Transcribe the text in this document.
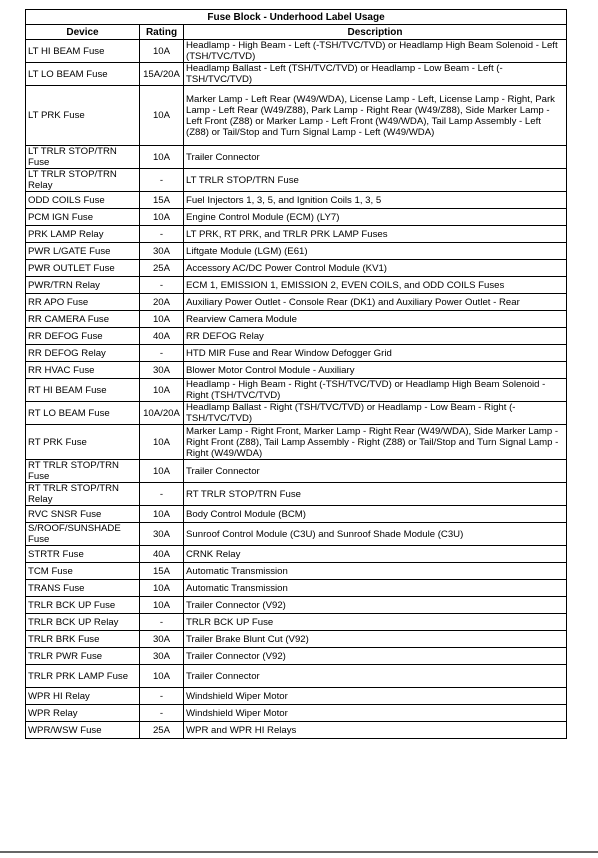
Fuse Block - Underhood Label Usage		
Device	Rating	Description
LT HI BEAM Fuse	10A	Headlamp - High Beam - Left (-TSH/TVC/TVD) or Headlamp High Beam Solenoid - Left (TSH/TVC/TVD)
LT LO BEAM Fuse	15A/20A	Headlamp Ballast - Left (TSH/TVC/TVD) or Headlamp - Low Beam - Left (-TSH/TVC/TVD)
LT PRK Fuse	10A	Marker Lamp - Left Rear (W49/WDA), License Lamp - Left, License Lamp - Right, Park Lamp - Left Rear (W49/Z88), Park Lamp - Right Rear (W49/Z88), Side Marker Lamp - Left Front (Z88) or Marker Lamp - Left Front (W49/WDA), Tail Lamp Assembly - Left (Z88) or Tail/Stop and Turn Signal Lamp - Left (W49/WDA)
LT TRLR STOP/TRN Fuse	10A	Trailer Connector
LT TRLR STOP/TRN Relay	-	LT TRLR STOP/TRN Fuse
ODD COILS Fuse	15A	Fuel Injectors 1, 3, 5, and Ignition Coils 1, 3, 5
PCM IGN Fuse	10A	Engine Control Module (ECM) (LY7)
PRK LAMP Relay	-	LT PRK, RT PRK, and TRLR PRK LAMP Fuses
PWR L/GATE Fuse	30A	Liftgate Module (LGM) (E61)
PWR OUTLET Fuse	25A	Accessory AC/DC Power Control Module (KV1)
PWR/TRN Relay	-	ECM 1, EMISSION 1, EMISSION 2, EVEN COILS, and ODD COILS Fuses
RR APO Fuse	20A	Auxiliary Power Outlet - Console Rear (DK1) and Auxiliary Power Outlet - Rear
RR CAMERA Fuse	10A	Rearview Camera Module
RR DEFOG Fuse	40A	RR DEFOG Relay
RR DEFOG Relay	-	HTD MIR Fuse and Rear Window Defogger Grid
RR HVAC Fuse	30A	Blower Motor Control Module - Auxiliary
RT HI BEAM Fuse	10A	Headlamp - High Beam - Right (-TSH/TVC/TVD) or Headlamp High Beam Solenoid - Right (TSH/TVC/TVD)
RT LO BEAM Fuse	10A/20A	Headlamp Ballast - Right (TSH/TVC/TVD) or Headlamp - Low Beam - Right (-TSH/TVC/TVD)
RT PRK Fuse	10A	Marker Lamp - Right Front, Marker Lamp - Right Rear (W49/WDA), Side Marker Lamp - Right Front (Z88), Tail Lamp Assembly - Right (Z88) or Tail/Stop and Turn Signal Lamp - Right (W49/WDA)
RT TRLR STOP/TRN Fuse	10A	Trailer Connector
RT TRLR STOP/TRN Relay	-	RT TRLR STOP/TRN Fuse
RVC SNSR Fuse	10A	Body Control Module (BCM)
S/ROOF/SUNSHADE Fuse	30A	Sunroof Control Module (C3U) and Sunroof Shade Module (C3U)
STRTR Fuse	40A	CRNK Relay
TCM Fuse	15A	Automatic Transmission
TRANS Fuse	10A	Automatic Transmission
TRLR BCK UP Fuse	10A	Trailer Connector (V92)
TRLR BCK UP Relay	-	TRLR BCK UP Fuse
TRLR BRK Fuse	30A	Trailer Brake Blunt Cut (V92)
TRLR PWR Fuse	30A	Trailer Connector (V92)
TRLR PRK LAMP Fuse	10A	Trailer Connector
WPR HI Relay	-	Windshield Wiper Motor
WPR Relay	-	Windshield Wiper Motor
WPR/WSW Fuse	25A	WPR and WPR HI Relays
